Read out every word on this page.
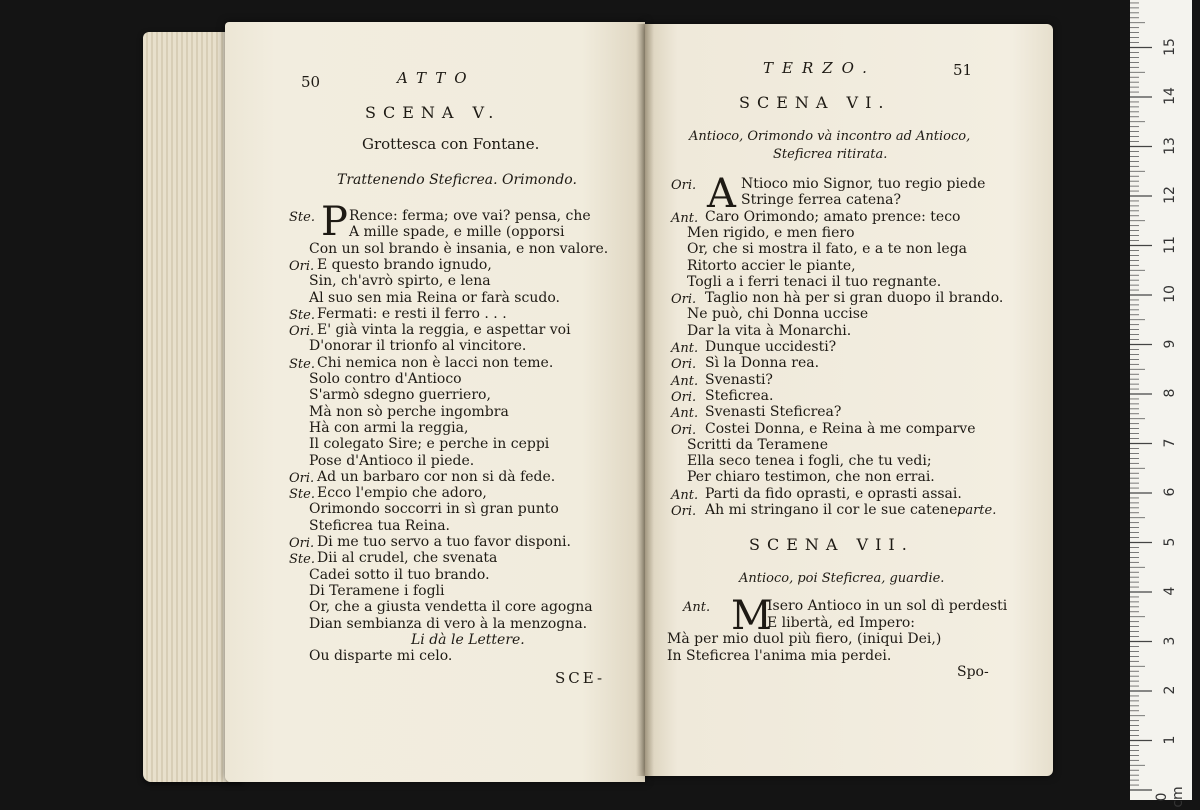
50	ATTO
SCENA V.
Grottesca con Fontane.
Trattenendo Steficrea. Orimondo.
P
Ste. Rence: ferma; ove vai? pensa, che
A mille spade, e mille (opporsi
Con un sol brando è insania, e non valore.
Ori. E questo brando ignudo,
Sin, ch'avrò spirto, e lena
Al suo sen mia Reina or farà scudo.
Ste. Fermati: e resti il ferro . . .
Ori. E' già vinta la reggia, e aspettar voi
D'onorar il trionfo al vincitore.
Ste. Chi nemica non è lacci non teme.
Solo contro d'Antioco
S'armò sdegno guerriero,
Mà non sò perche ingombra
Hà con armi la reggia,
Il colegato Sire; e perche in ceppi
Pose d'Antioco il piede.
Ori. Ad un barbaro cor non si dà fede.
Ste. Ecco l'empio che adoro,
Orimondo soccorri in sì gran punto
Steficrea tua Reina.
Ori. Di me tuo servo a tuo favor disponi.
Ste. Dii al crudel, che svenata
Cadei sotto il tuo brando.
Di Teramene i fogli
Or, che a giusta vendetta il core agogna
Dian sembianza di vero à la menzogna.
Li dà le Lettere.
Ou disparte mi celo.
SCE-
TERZO.	51
SCENA VI.
Antioco, Orimondo và incontro ad Antioco,
Steficrea ritirata.
A
Ori.	Ntioco mio Signor, tuo regio piede
Stringe ferrea catena?
Ant. Caro Orimondo; amato prence: teco
Men rigido, e men fiero
Or, che si mostra il fato, e a te non lega
Ritorto accier le piante,
Togli a i ferri tenaci il tuo regnante.
Ori. Taglio non hà per si gran duopo il brando.
Ne può, chi Donna uccise
Dar la vita à Monarchi.
Ant. Dunque uccidesti?
Ori. Sì la Donna rea.
Ant. Svenasti?
Ori. Steficrea.
Ant. Svenasti Steficrea?
Ori. Costei Donna, e Reina à me comparve
Scritti da Teramene
Ella seco tenea i fogli, che tu vedi;
Per chiaro testimon, che non errai.
Ant. Parti da fido oprasti, e oprasti assai.
Ori. Ah mi stringano il cor le sue catene.
parte.
SCENA VII.
Antioco, poi Steficrea, guardie.
M
Ant.	Isero Antioco in un sol dì perdesti
E libertà, ed Impero:
Mà per mio duol più fiero, (iniqui Dei,)
In Steficrea l'anima mia perdei.
Spo-
0 cm
1
2
3
4
5
6
7
8
9
10
11
12
13
14
15
